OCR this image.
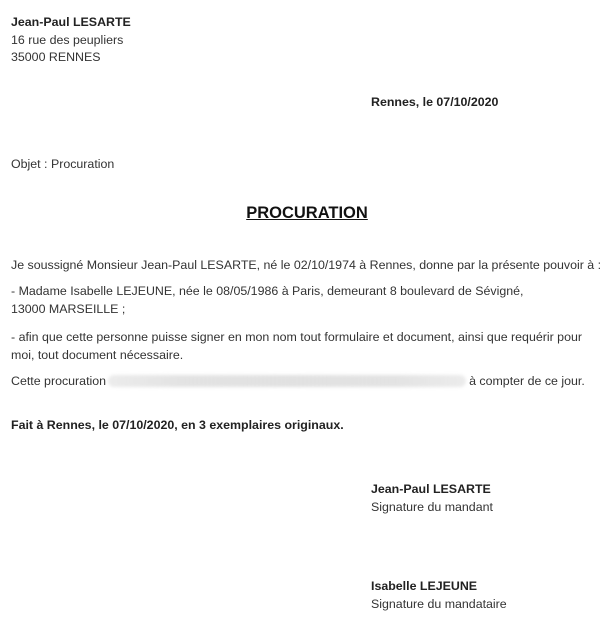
Jean-Paul LESARTE
16 rue des peupliers
35000 RENNES
Rennes, le 07/10/2020
Objet : Procuration
PROCURATION
Je soussigné Monsieur Jean-Paul LESARTE, né le 02/10/1974 à Rennes, donne par la présente pouvoir à :
- Madame Isabelle LEJEUNE, née le 08/05/1986 à Paris, demeurant 8 boulevard de Sévigné, 13000 MARSEILLE ;
- afin que cette personne puisse signer en mon nom tout formulaire et document, ainsi que requérir pour moi, tout document nécessaire.
Cette procuration	à compter de ce jour.
Fait à Rennes, le 07/10/2020, en 3 exemplaires originaux.
Jean-Paul LESARTE
Signature du mandant
Isabelle LEJEUNE
Signature du mandataire
